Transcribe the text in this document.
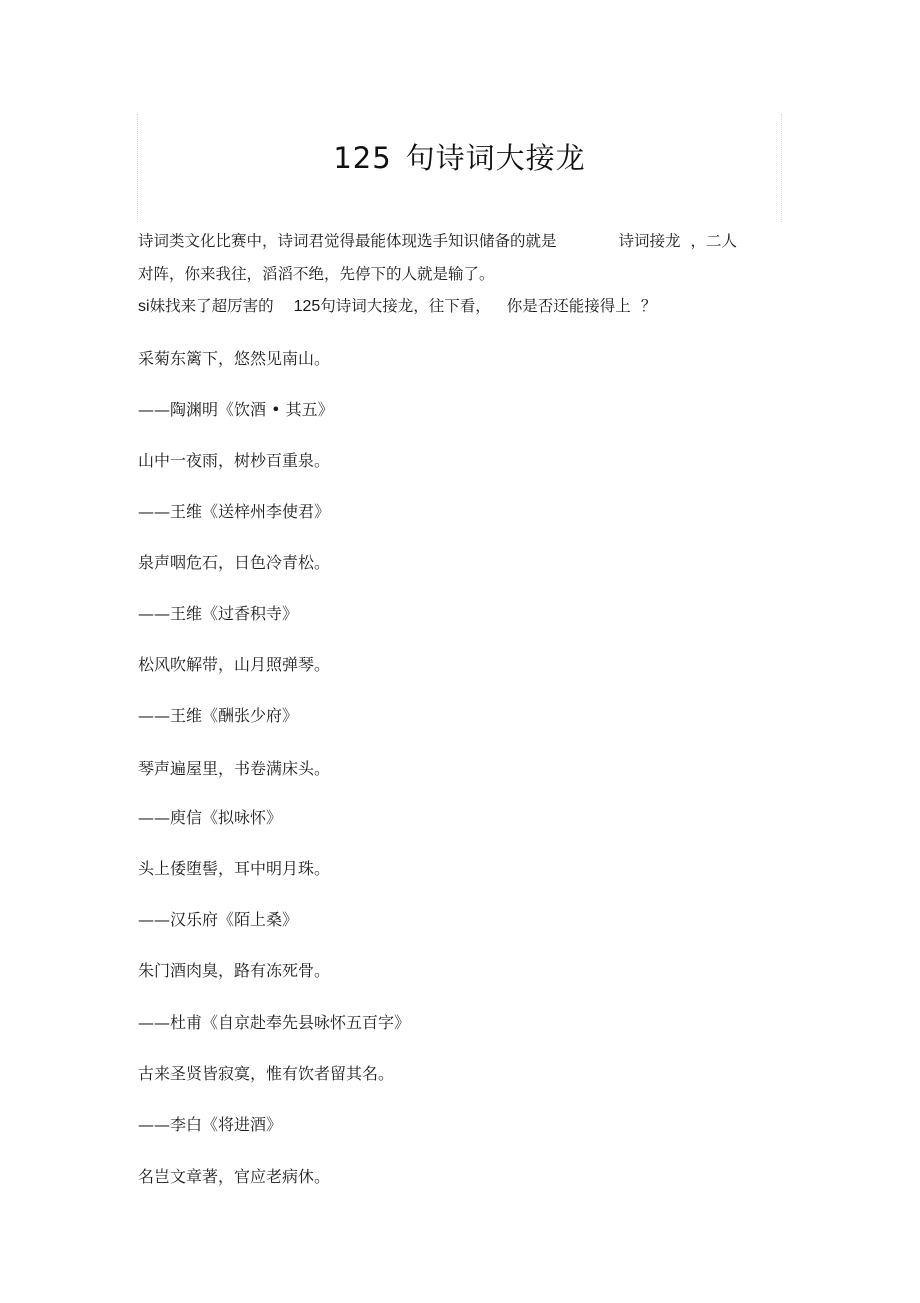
125 句诗词大接龙
诗词类文化比赛中，诗词君觉得最能体现选手知识储备的就是	诗词接龙 ，二人
对阵，你来我往，滔滔不绝，先停下的人就是输了。
si妹找来了超厉害的 125句诗词大接龙，往下看， 你是否还能接得上 ？
采菊东篱下，悠然见南山。
——陶渊明《饮酒 • 其五》
山中一夜雨，树杪百重泉。
——王维《送梓州李使君》
泉声咽危石，日色冷青松。
——王维《过香积寺》
松风吹解带，山月照弹琴。
——王维《酬张少府》
琴声遍屋里，书卷满床头。
——庾信《拟咏怀》
头上倭堕髻，耳中明月珠。
——汉乐府《陌上桑》
朱门酒肉臭，路有冻死骨。
——杜甫《自京赴奉先县咏怀五百字》
古来圣贤皆寂寞，惟有饮者留其名。
——李白《将进酒》
名岂文章著，官应老病休。
